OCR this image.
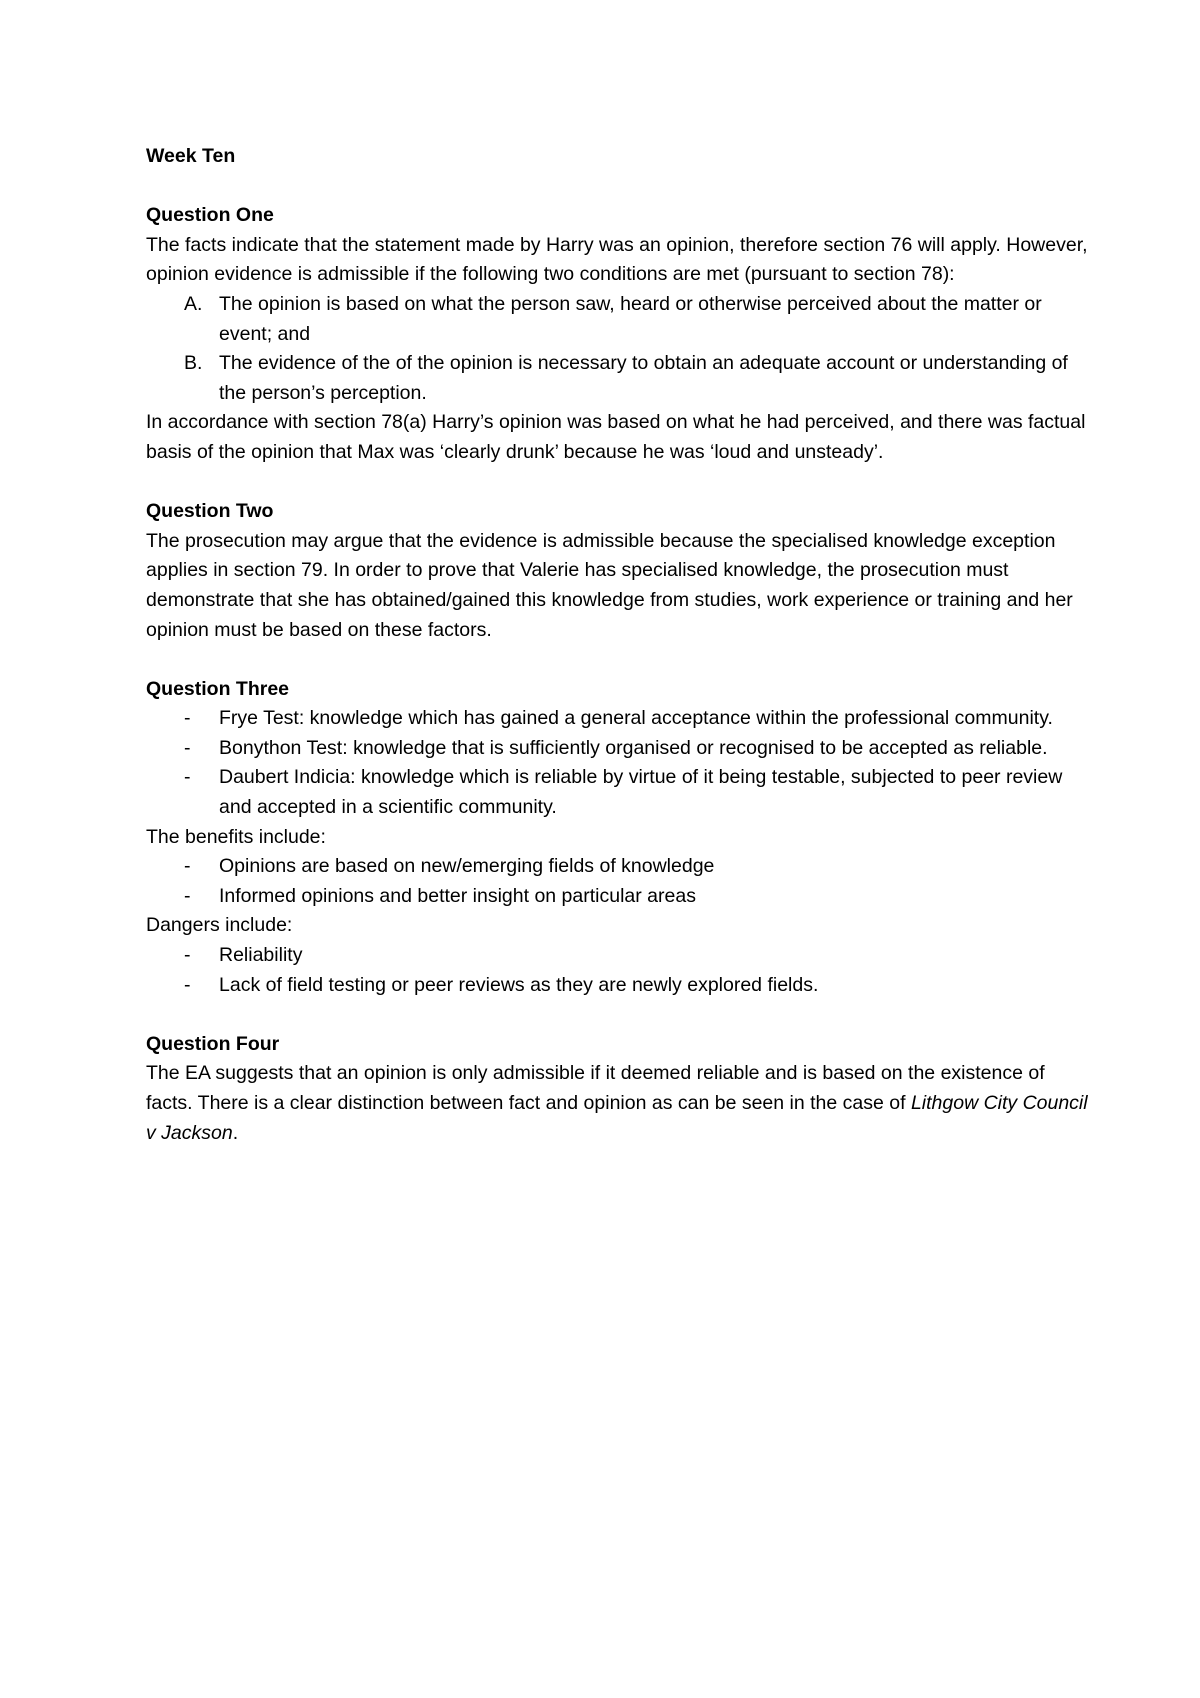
Week Ten

Question One

The facts indicate that the statement made by Harry was an opinion, therefore section 76 will apply. However, opinion evidence is admissible if the following two conditions are met (pursuant to section 78):

A. The opinion is based on what the person saw, heard or otherwise perceived about the matter or event; and
B. The evidence of the of the opinion is necessary to obtain an adequate account or understanding of the person’s perception.

In accordance with section 78(a) Harry’s opinion was based on what he had perceived, and there was factual basis of the opinion that Max was ‘clearly drunk’ because he was ‘loud and unsteady’.

Question Two

The prosecution may argue that the evidence is admissible because the specialised knowledge exception applies in section 79. In order to prove that Valerie has specialised knowledge, the prosecution must demonstrate that she has obtained/gained this knowledge from studies, work experience or training and her opinion must be based on these factors.

Question Three

- Frye Test: knowledge which has gained a general acceptance within the professional community.
- Bonython Test: knowledge that is sufficiently organised or recognised to be accepted as reliable.
- Daubert Indicia: knowledge which is reliable by virtue of it being testable, subjected to peer review and accepted in a scientific community.

The benefits include:

- Opinions are based on new/emerging fields of knowledge
- Informed opinions and better insight on particular areas

Dangers include:

- Reliability
- Lack of field testing or peer reviews as they are newly explored fields.

Question Four

The EA suggests that an opinion is only admissible if it deemed reliable and is based on the existence of facts. There is a clear distinction between fact and opinion as can be seen in the case of Lithgow City Council v Jackson.
